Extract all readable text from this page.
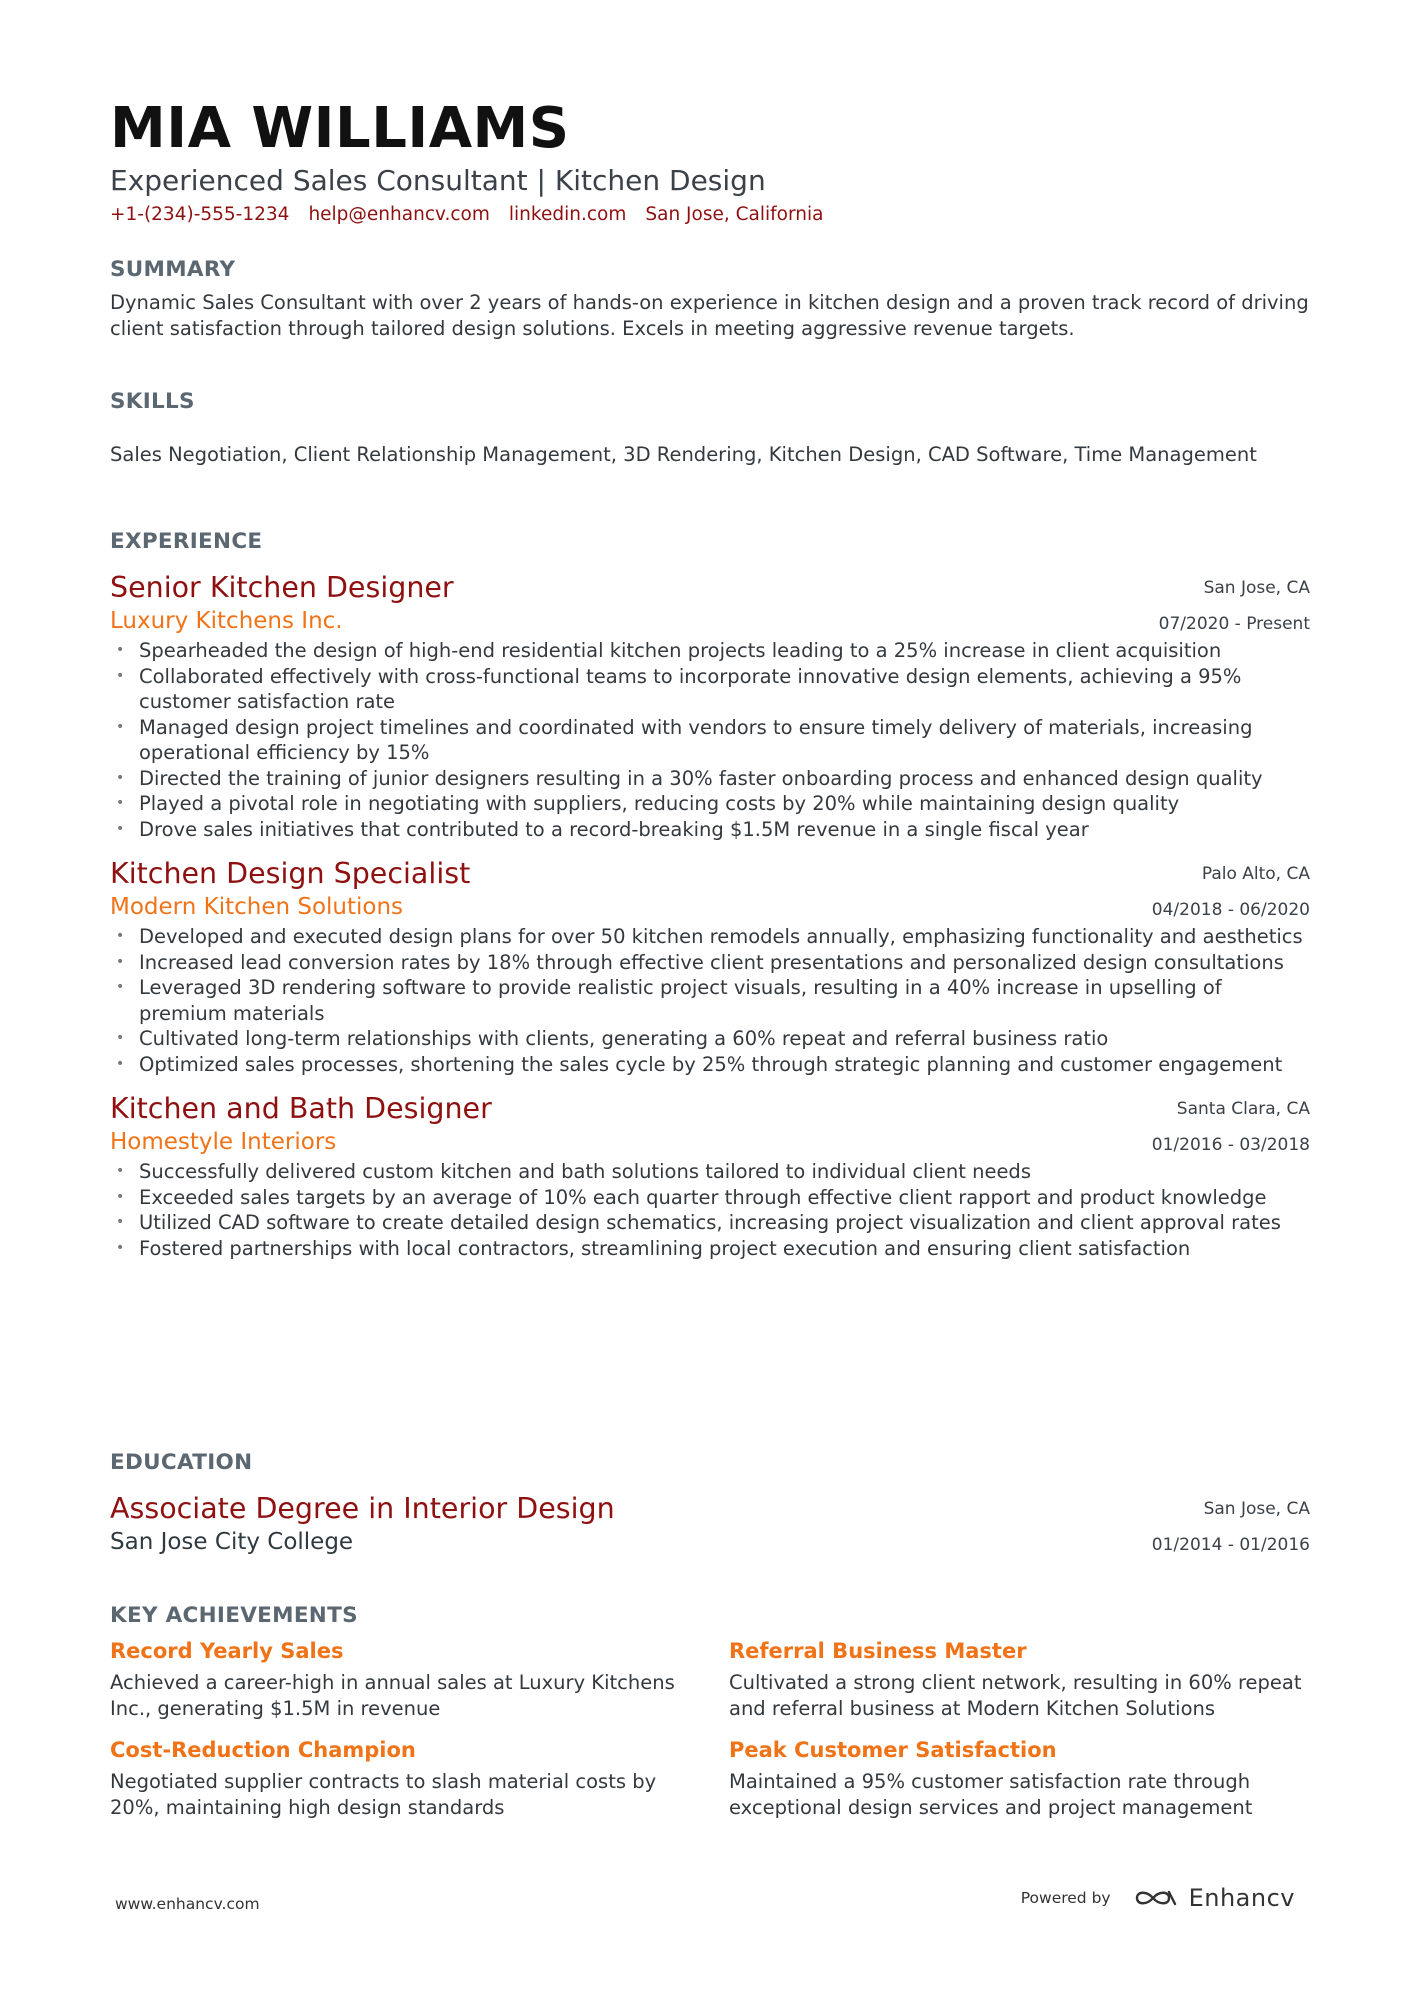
MIA WILLIAMS
Experienced Sales Consultant | Kitchen Design
+1-(234)-555-1234 help@enhancv.com linkedin.com San Jose, California
SUMMARY
Dynamic Sales Consultant with over 2 years of hands-on experience in kitchen design and a proven track record of driving client satisfaction through tailored design solutions. Excels in meeting aggressive revenue targets.
SKILLS
Sales Negotiation, Client Relationship Management, 3D Rendering, Kitchen Design, CAD Software, Time Management
EXPERIENCE
Senior Kitchen Designer
Luxury Kitchens Inc.
San Jose, CA
07/2020 - Present
• Spearheaded the design of high-end residential kitchen projects leading to a 25% increase in client acquisition
• Collaborated effectively with cross-functional teams to incorporate innovative design elements, achieving a 95% customer satisfaction rate
• Managed design project timelines and coordinated with vendors to ensure timely delivery of materials, increasing operational efficiency by 15%
• Directed the training of junior designers resulting in a 30% faster onboarding process and enhanced design quality
• Played a pivotal role in negotiating with suppliers, reducing costs by 20% while maintaining design quality
• Drove sales initiatives that contributed to a record-breaking $1.5M revenue in a single fiscal year
Kitchen Design Specialist
Modern Kitchen Solutions
Palo Alto, CA
04/2018 - 06/2020
• Developed and executed design plans for over 50 kitchen remodels annually, emphasizing functionality and aesthetics
• Increased lead conversion rates by 18% through effective client presentations and personalized design consultations
• Leveraged 3D rendering software to provide realistic project visuals, resulting in a 40% increase in upselling of premium materials
• Cultivated long-term relationships with clients, generating a 60% repeat and referral business ratio
• Optimized sales processes, shortening the sales cycle by 25% through strategic planning and customer engagement
Kitchen and Bath Designer
Homestyle Interiors
Santa Clara, CA
01/2016 - 03/2018
• Successfully delivered custom kitchen and bath solutions tailored to individual client needs
• Exceeded sales targets by an average of 10% each quarter through effective client rapport and product knowledge
• Utilized CAD software to create detailed design schematics, increasing project visualization and client approval rates
• Fostered partnerships with local contractors, streamlining project execution and ensuring client satisfaction
EDUCATION
Associate Degree in Interior Design
San Jose City College
San Jose, CA
01/2014 - 01/2016
KEY ACHIEVEMENTS
Record Yearly Sales
Achieved a career-high in annual sales at Luxury Kitchens Inc., generating $1.5M in revenue
Referral Business Master
Cultivated a strong client network, resulting in 60% repeat and referral business at Modern Kitchen Solutions
Cost-Reduction Champion
Negotiated supplier contracts to slash material costs by 20%, maintaining high design standards
Peak Customer Satisfaction
Maintained a 95% customer satisfaction rate through exceptional design services and project management
www.enhancv.com	Powered by	Enhancv
